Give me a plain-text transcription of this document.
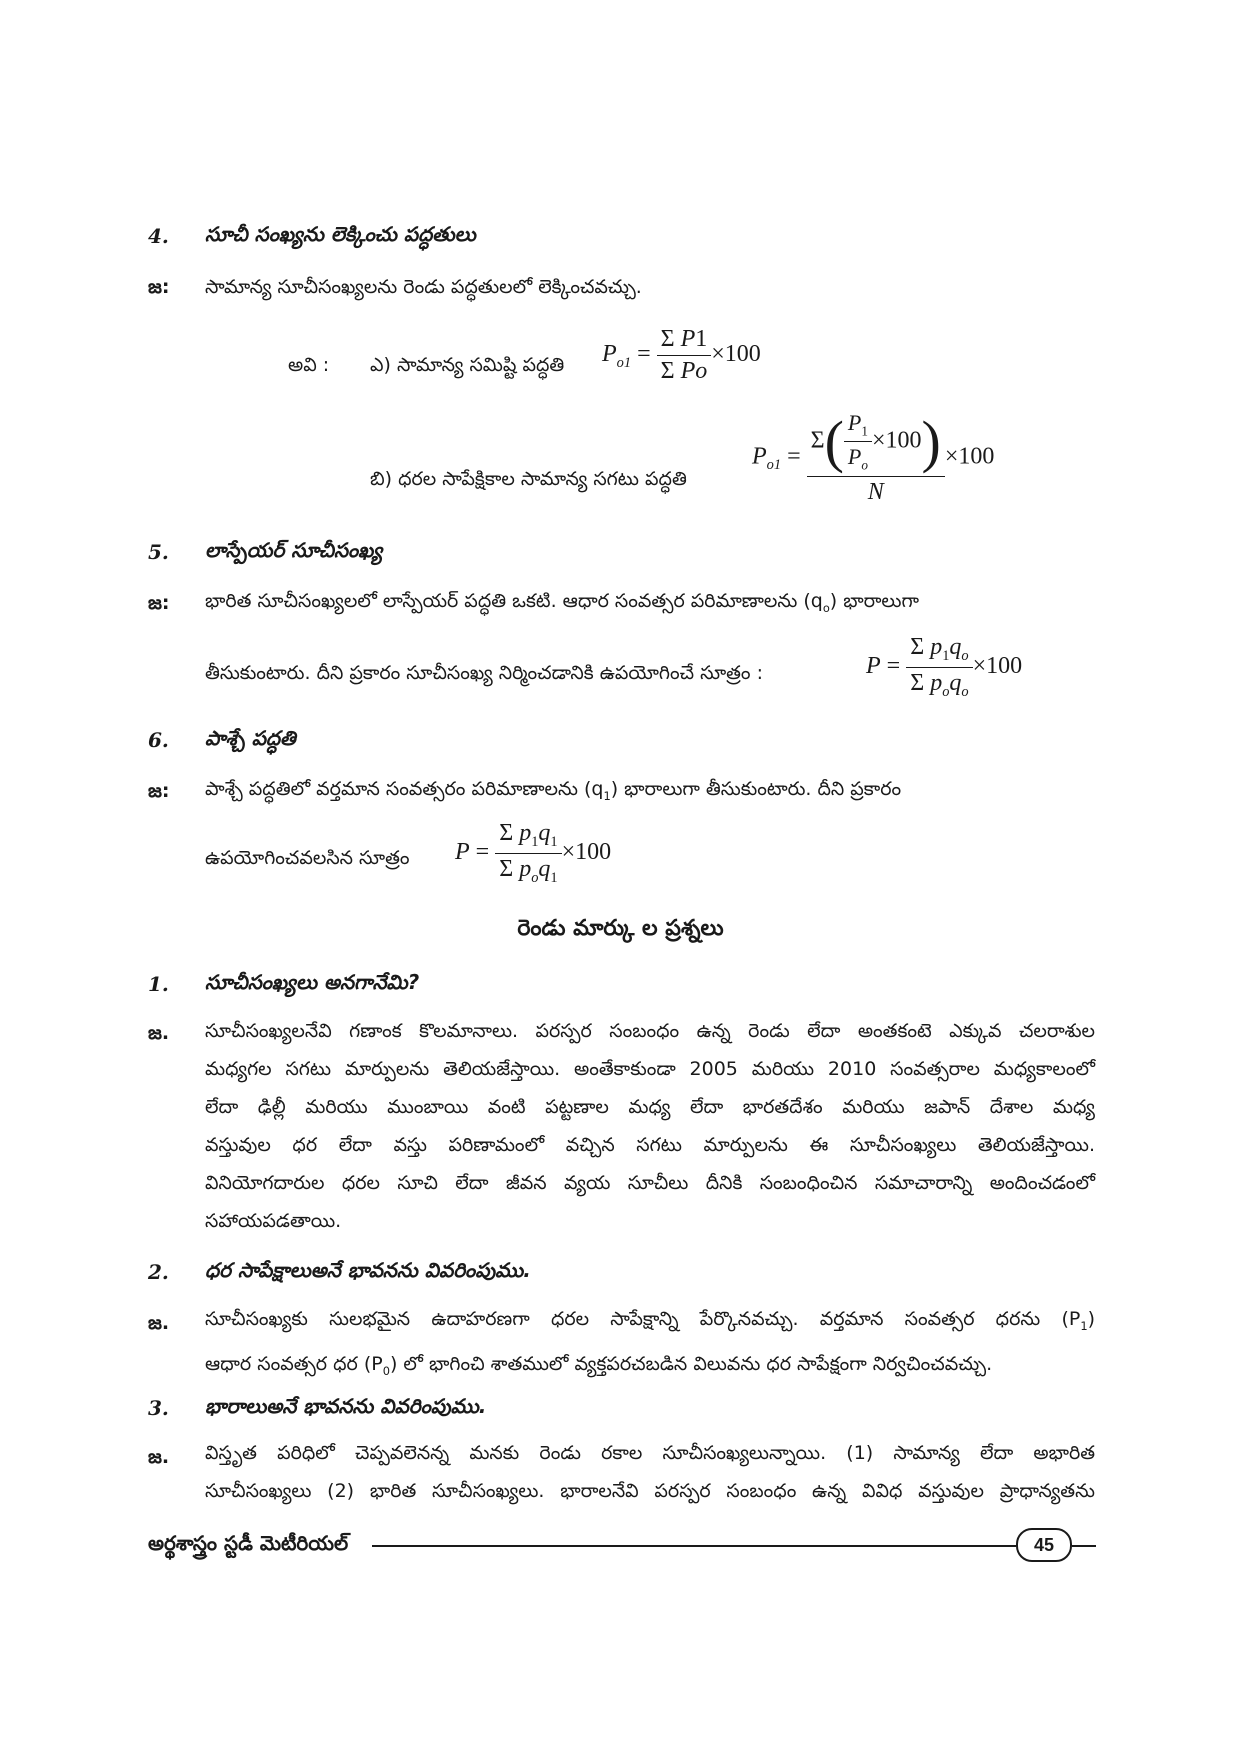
4. సూచీ సంఖ్యను లెక్కించు పద్ధతులు
జ: సామాన్య సూచీసంఖ్యలను రెండు పద్ధతులలో లెక్కించవచ్చు.
అవి : ఎ) సామాన్య సమిష్టి పద్ధతి $P_{o1} = \frac{\text{Σ P1}}{\text{Σ Po}} \times 100$
బి) ధరల సాపేక్షికాల సామాన్య సగటు పద్ధతి
$P_{o1} = \frac{\Sigma( \frac{P_1}{P_o} \times 100)}{N} \times 100$
5. లాస్పేయర్ సూచీసంఖ్య
జ: భారిత సూచీసంఖ్యలలో లాస్పేయర్ పద్ధతి ఒకటి. ఆధార సంవత్సర పరిమాణాలను $(q_o)$ భారాలుగా
తీసుకుంటారు. దీని ప్రకారం సూచీసంఖ్య నిర్మించడానికి ఉపయోగించే సూత్రం :	$P = \frac{\Sigma p_1q_o}{\Sigma p_oq_o} \times 100$
6. పాశ్చే పద్ధతి
జ: పాశ్చే పద్ధతిలో వర్తమాన సంవత్సరం పరిమాణాలను $(q_1)$ భారాలుగా తీసుకుంటారు. దీని ప్రకారం
ఉపయోగించవలసిన సూత్రం $P = \frac{\Sigma p_1q_1}{\Sigma p_oq_1} \times 100$
రెండు మార్కు ల ప్రశ్నలు
1. సూచీసంఖ్యలు అనగానేమి?
జ. సూచీసంఖ్యలనేవి గణాంక కొలమానాలు. పరస్పర సంబంధం ఉన్న రెండు లేదా అంతకంటె ఎక్కువ చలరాశుల
మధ్యగల సగటు మార్పులను తెలియజేస్తాయి. అంతేకాకుండా 2005 మరియు 2010 సంవత్సరాల మధ్యకాలంలో
లేదా ఢిల్లీ మరియు ముంబాయి వంటి పట్టణాల మధ్య లేదా భారతదేశం మరియు జపాన్ దేశాల మధ్య
వస్తువుల ధర లేదా వస్తు పరిణామంలో వచ్చిన సగటు మార్పులను ఈ సూచీసంఖ్యలు తెలియజేస్తాయి.
వినియోగదారుల ధరల సూచి లేదా జీవన వ్యయ సూచీలు దీనికి సంబంధించిన సమాచారాన్ని అందించడంలో
సహాయపడతాయి.
2. ధర సాపేక్షాలుఅనే భావనను వివరింపుము.
జ. సూచీసంఖ్యకు సులభమైన ఉదాహరణగా ధరల సాపేక్షాన్ని పేర్కొనవచ్చు. వర్తమాన సంవత్సర ధరను $(P_1)$
ఆధార సంవత్సర ధర $(P_0)$ లో భాగించి శాతములో వ్యక్తపరచబడిన విలువను ధర సాపేక్షంగా నిర్వచించవచ్చు.
3. భారాలుఅనే భావనను వివరింపుము.
జ. విస్తృత పరిధిలో చెప్పవలెనన్న మనకు రెండు రకాల సూచీసంఖ్యలున్నాయి. (1) సామాన్య లేదా అభారిత
సూచీసంఖ్యలు (2) భారిత సూచీసంఖ్యలు. భారాలనేవి పరస్పర సంబంధం ఉన్న వివిధ వస్తువుల ప్రాధాన్యతను
అర్థశాస్త్రం స్టడీ మెటీరియల్	45
